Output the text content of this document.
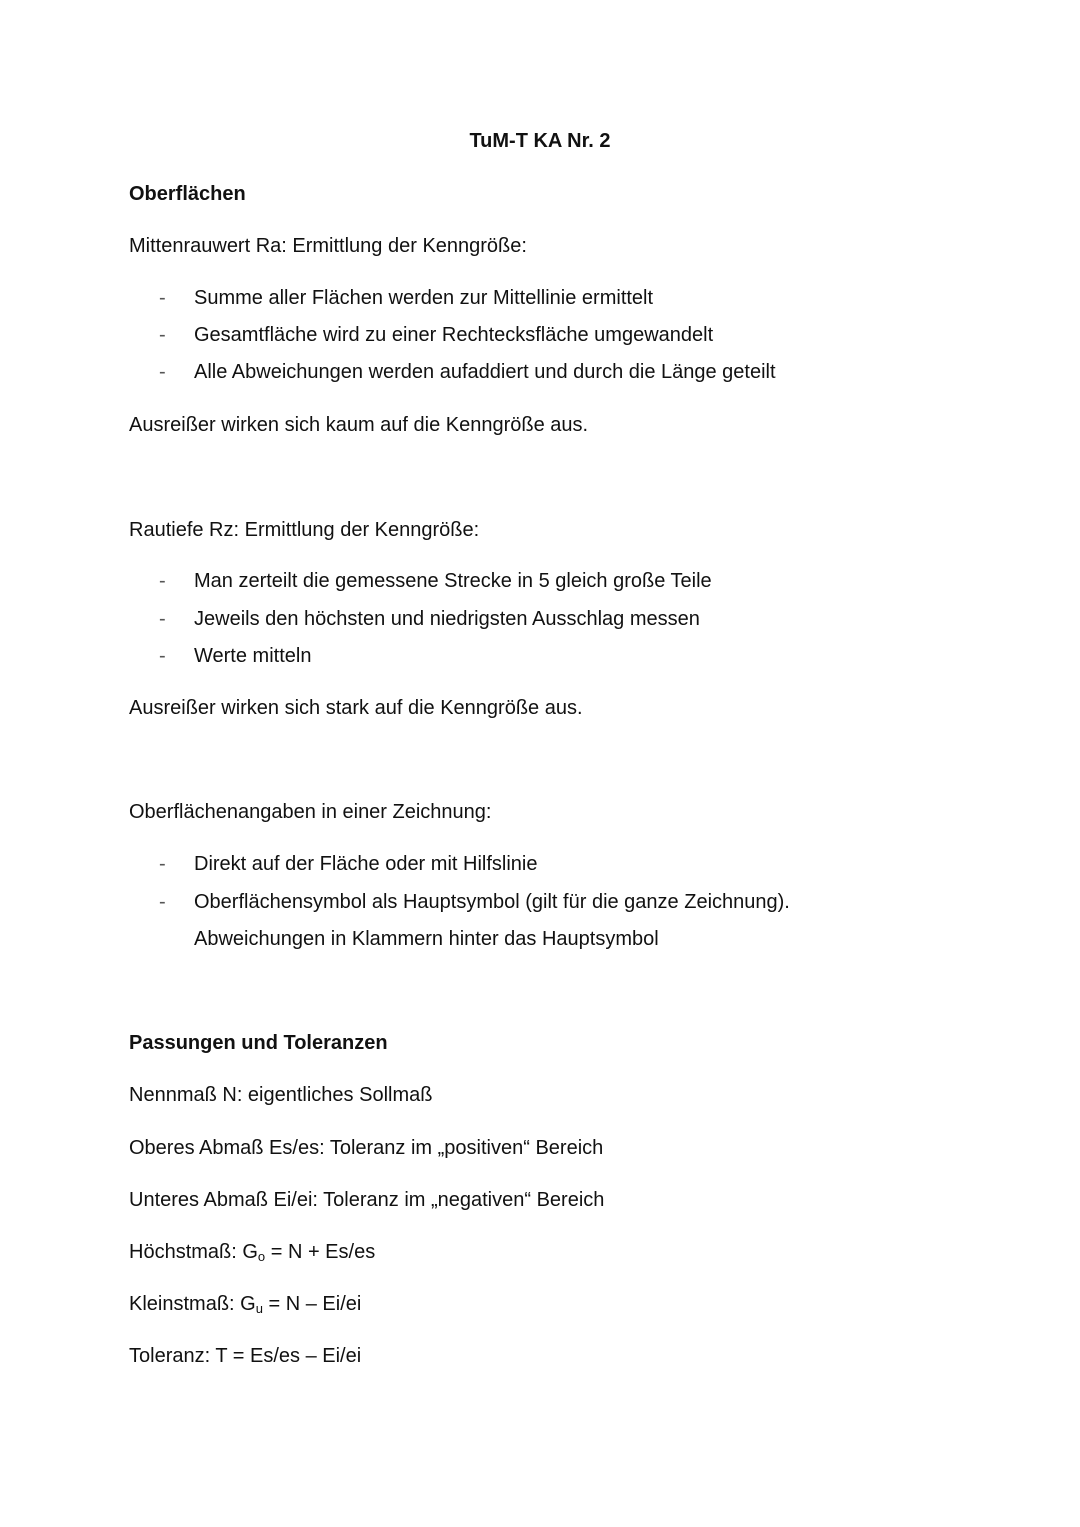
TuM-T KA Nr. 2
Oberflächen
Mittenrauwert Ra: Ermittlung der Kenngröße:
- Summe aller Flächen werden zur Mittellinie ermittelt
- Gesamtfläche wird zu einer Rechtecksfläche umgewandelt
- Alle Abweichungen werden aufaddiert und durch die Länge geteilt
Ausreißer wirken sich kaum auf die Kenngröße aus.
Rautiefe Rz: Ermittlung der Kenngröße:
- Man zerteilt die gemessene Strecke in 5 gleich große Teile
- Jeweils den höchsten und niedrigsten Ausschlag messen
- Werte mitteln
Ausreißer wirken sich stark auf die Kenngröße aus.
Oberflächenangaben in einer Zeichnung:
- Direkt auf der Fläche oder mit Hilfslinie
- Oberflächensymbol als Hauptsymbol (gilt für die ganze Zeichnung).
Abweichungen in Klammern hinter das Hauptsymbol
Passungen und Toleranzen
Nennmaß N: eigentliches Sollmaß
Oberes Abmaß Es/es: Toleranz im „positiven“ Bereich
Unteres Abmaß Ei/ei: Toleranz im „negativen“ Bereich
Höchstmaß: $G_o = N + Es/es$
Kleinstmaß: $G_u = N - Ei/ei$
Toleranz: T = Es/es – Ei/ei
